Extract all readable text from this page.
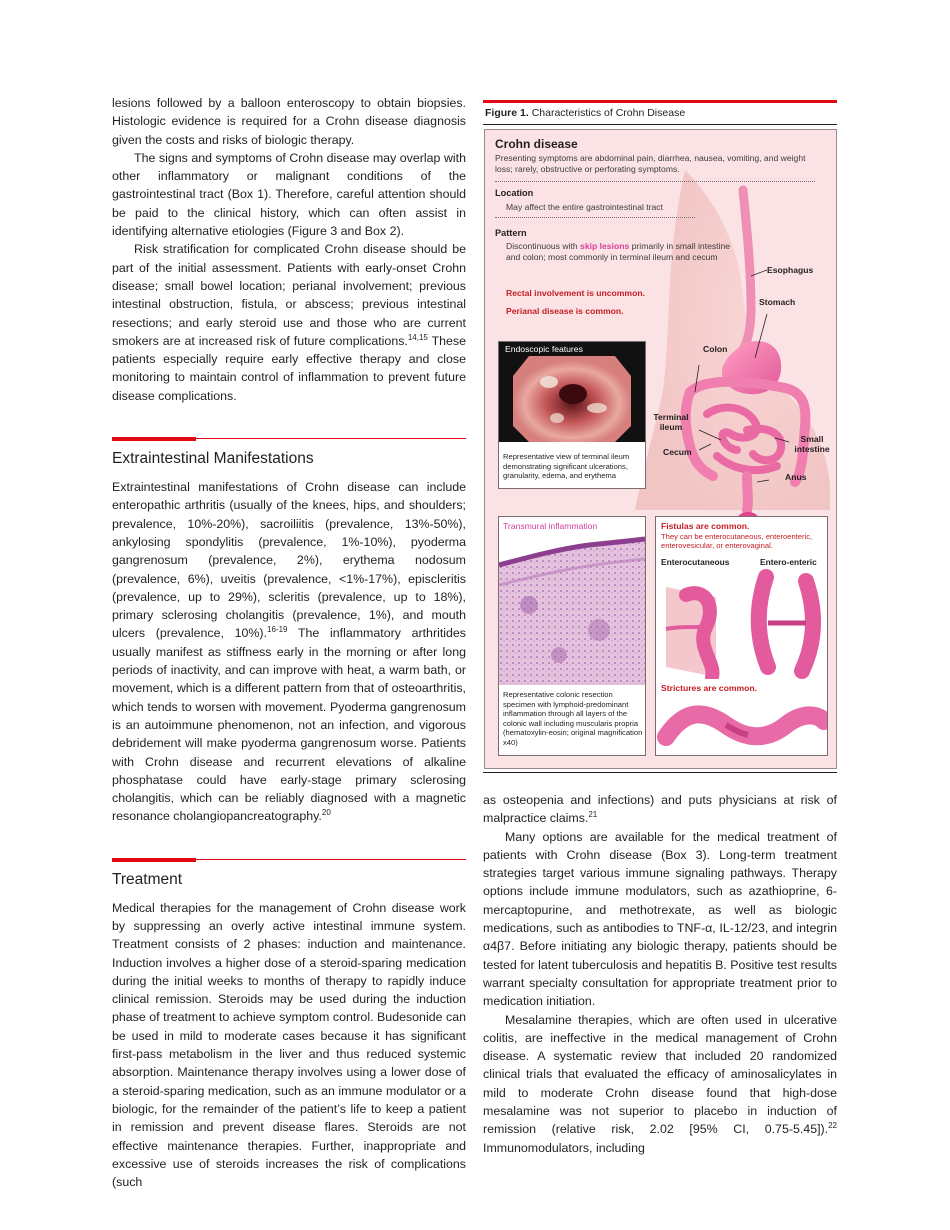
lesions followed by a balloon enteroscopy to obtain biopsies. Histologic evidence is required for a Crohn disease diagnosis given the costs and risks of biologic therapy.

The signs and symptoms of Crohn disease may overlap with other inflammatory or malignant conditions of the gastrointestinal tract (Box 1). Therefore, careful attention should be paid to the clinical history, which can often assist in identifying alternative etiologies (Figure 3 and Box 2).

Risk stratification for complicated Crohn disease should be part of the initial assessment. Patients with early-onset Crohn disease; small bowel location; perianal involvement; previous intestinal obstruction, fistula, or abscess; previous intestinal resections; and early steroid use and those who are current smokers are at increased risk of future complications.$^{14,15}$ These patients especially require early effective therapy and close monitoring to maintain control of inflammation to prevent future disease complications.

Extraintestinal Manifestations

Extraintestinal manifestations of Crohn disease can include enteropathic arthritis (usually of the knees, hips, and shoulders; prevalence, 10%-20%), sacroiliitis (prevalence, 13%-50%), ankylosing spondylitis (prevalence, 1%-10%), pyoderma gangrenosum (prevalence, 2%), erythema nodosum (prevalence, 6%), uveitis (prevalence, <1%-17%), episcleritis (prevalence, up to 29%), scleritis (prevalence, up to 18%), primary sclerosing cholangitis (prevalence, 1%), and mouth ulcers (prevalence, 10%).$^{16-19}$ The inflammatory arthritides usually manifest as stiffness early in the morning or after long periods of inactivity, and can improve with heat, a warm bath, or movement, which is a different pattern from that of osteoarthritis, which tends to worsen with movement. Pyoderma gangrenosum is an autoimmune phenomenon, not an infection, and vigorous debridement will make pyoderma gangrenosum worse. Patients with Crohn disease and recurrent elevations of alkaline phosphatase could have early-stage primary sclerosing cholangitis, which can be reliably diagnosed with a magnetic resonance cholangiopancreatography.$^{20}$

Treatment

Medical therapies for the management of Crohn disease work by suppressing an overly active intestinal immune system. Treatment consists of 2 phases: induction and maintenance. Induction involves a higher dose of a steroid-sparing medication during the initial weeks to months of therapy to rapidly induce clinical remission. Steroids may be used during the induction phase of treatment to achieve symptom control. Budesonide can be used in mild to moderate cases because it has significant first-pass metabolism in the liver and thus reduced systemic absorption. Maintenance therapy involves using a lower dose of a steroid-sparing medication, such as an immune modulator or a biologic, for the remainder of the patient’s life to keep a patient in remission and prevent disease flares. Steroids are not effective maintenance therapies. Further, inappropriate and excessive use of steroids increases the risk of complications (such

Figure 1. Characteristics of Crohn Disease
Crohn disease
Presenting symptoms are abdominal pain, diarrhea, nausea, vomiting, and weight loss; rarely, obstructive or perforating symptoms.
Location
May affect the entire gastrointestinal tract
Pattern
Discontinuous with skip lesions primarily in small intestine and colon; most commonly in terminal ileum and cecum
Rectal involvement is uncommon.
Perianal disease is common.
Esophagus
Stomach
Colon
Terminal ileum
Cecum
Small intestine
Anus
Endoscopic features
Representative view of terminal ileum demonstrating significant ulcerations, granularity, edema, and erythema
Transmural inflammation
Representative colonic resection specimen with lymphoid-predominant inflammation through all layers of the colonic wall including muscularis propria (hematoxylin-eosin; original magnification x40)
Fistulas are common.
They can be enterocutaneous, enteroenteric, enterovesicular, or enterovaginal.
Enterocutaneous	Entero-enteric
Strictures are common.

as osteopenia and infections) and puts physicians at risk of malpractice claims.$^{21}$

Many options are available for the medical treatment of patients with Crohn disease (Box 3). Long-term treatment strategies target various immune signaling pathways. Therapy options include immune modulators, such as azathioprine, 6-mercaptopurine, and methotrexate, as well as biologic medications, such as antibodies to TNF-α, IL-12/23, and integrin α4β7. Before initiating any biologic therapy, patients should be tested for latent tuberculosis and hepatitis B. Positive test results warrant specialty consultation for appropriate treatment prior to medication initiation.

Mesalamine therapies, which are often used in ulcerative colitis, are ineffective in the medical management of Crohn disease. A systematic review that included 20 randomized clinical trials that evaluated the efficacy of aminosalicylates in mild to moderate Crohn disease found that high-dose mesalamine was not superior to placebo in induction of remission (relative risk, 2.02 [95% CI, 0.75-5.45]).$^{22}$ Immunomodulators, including
